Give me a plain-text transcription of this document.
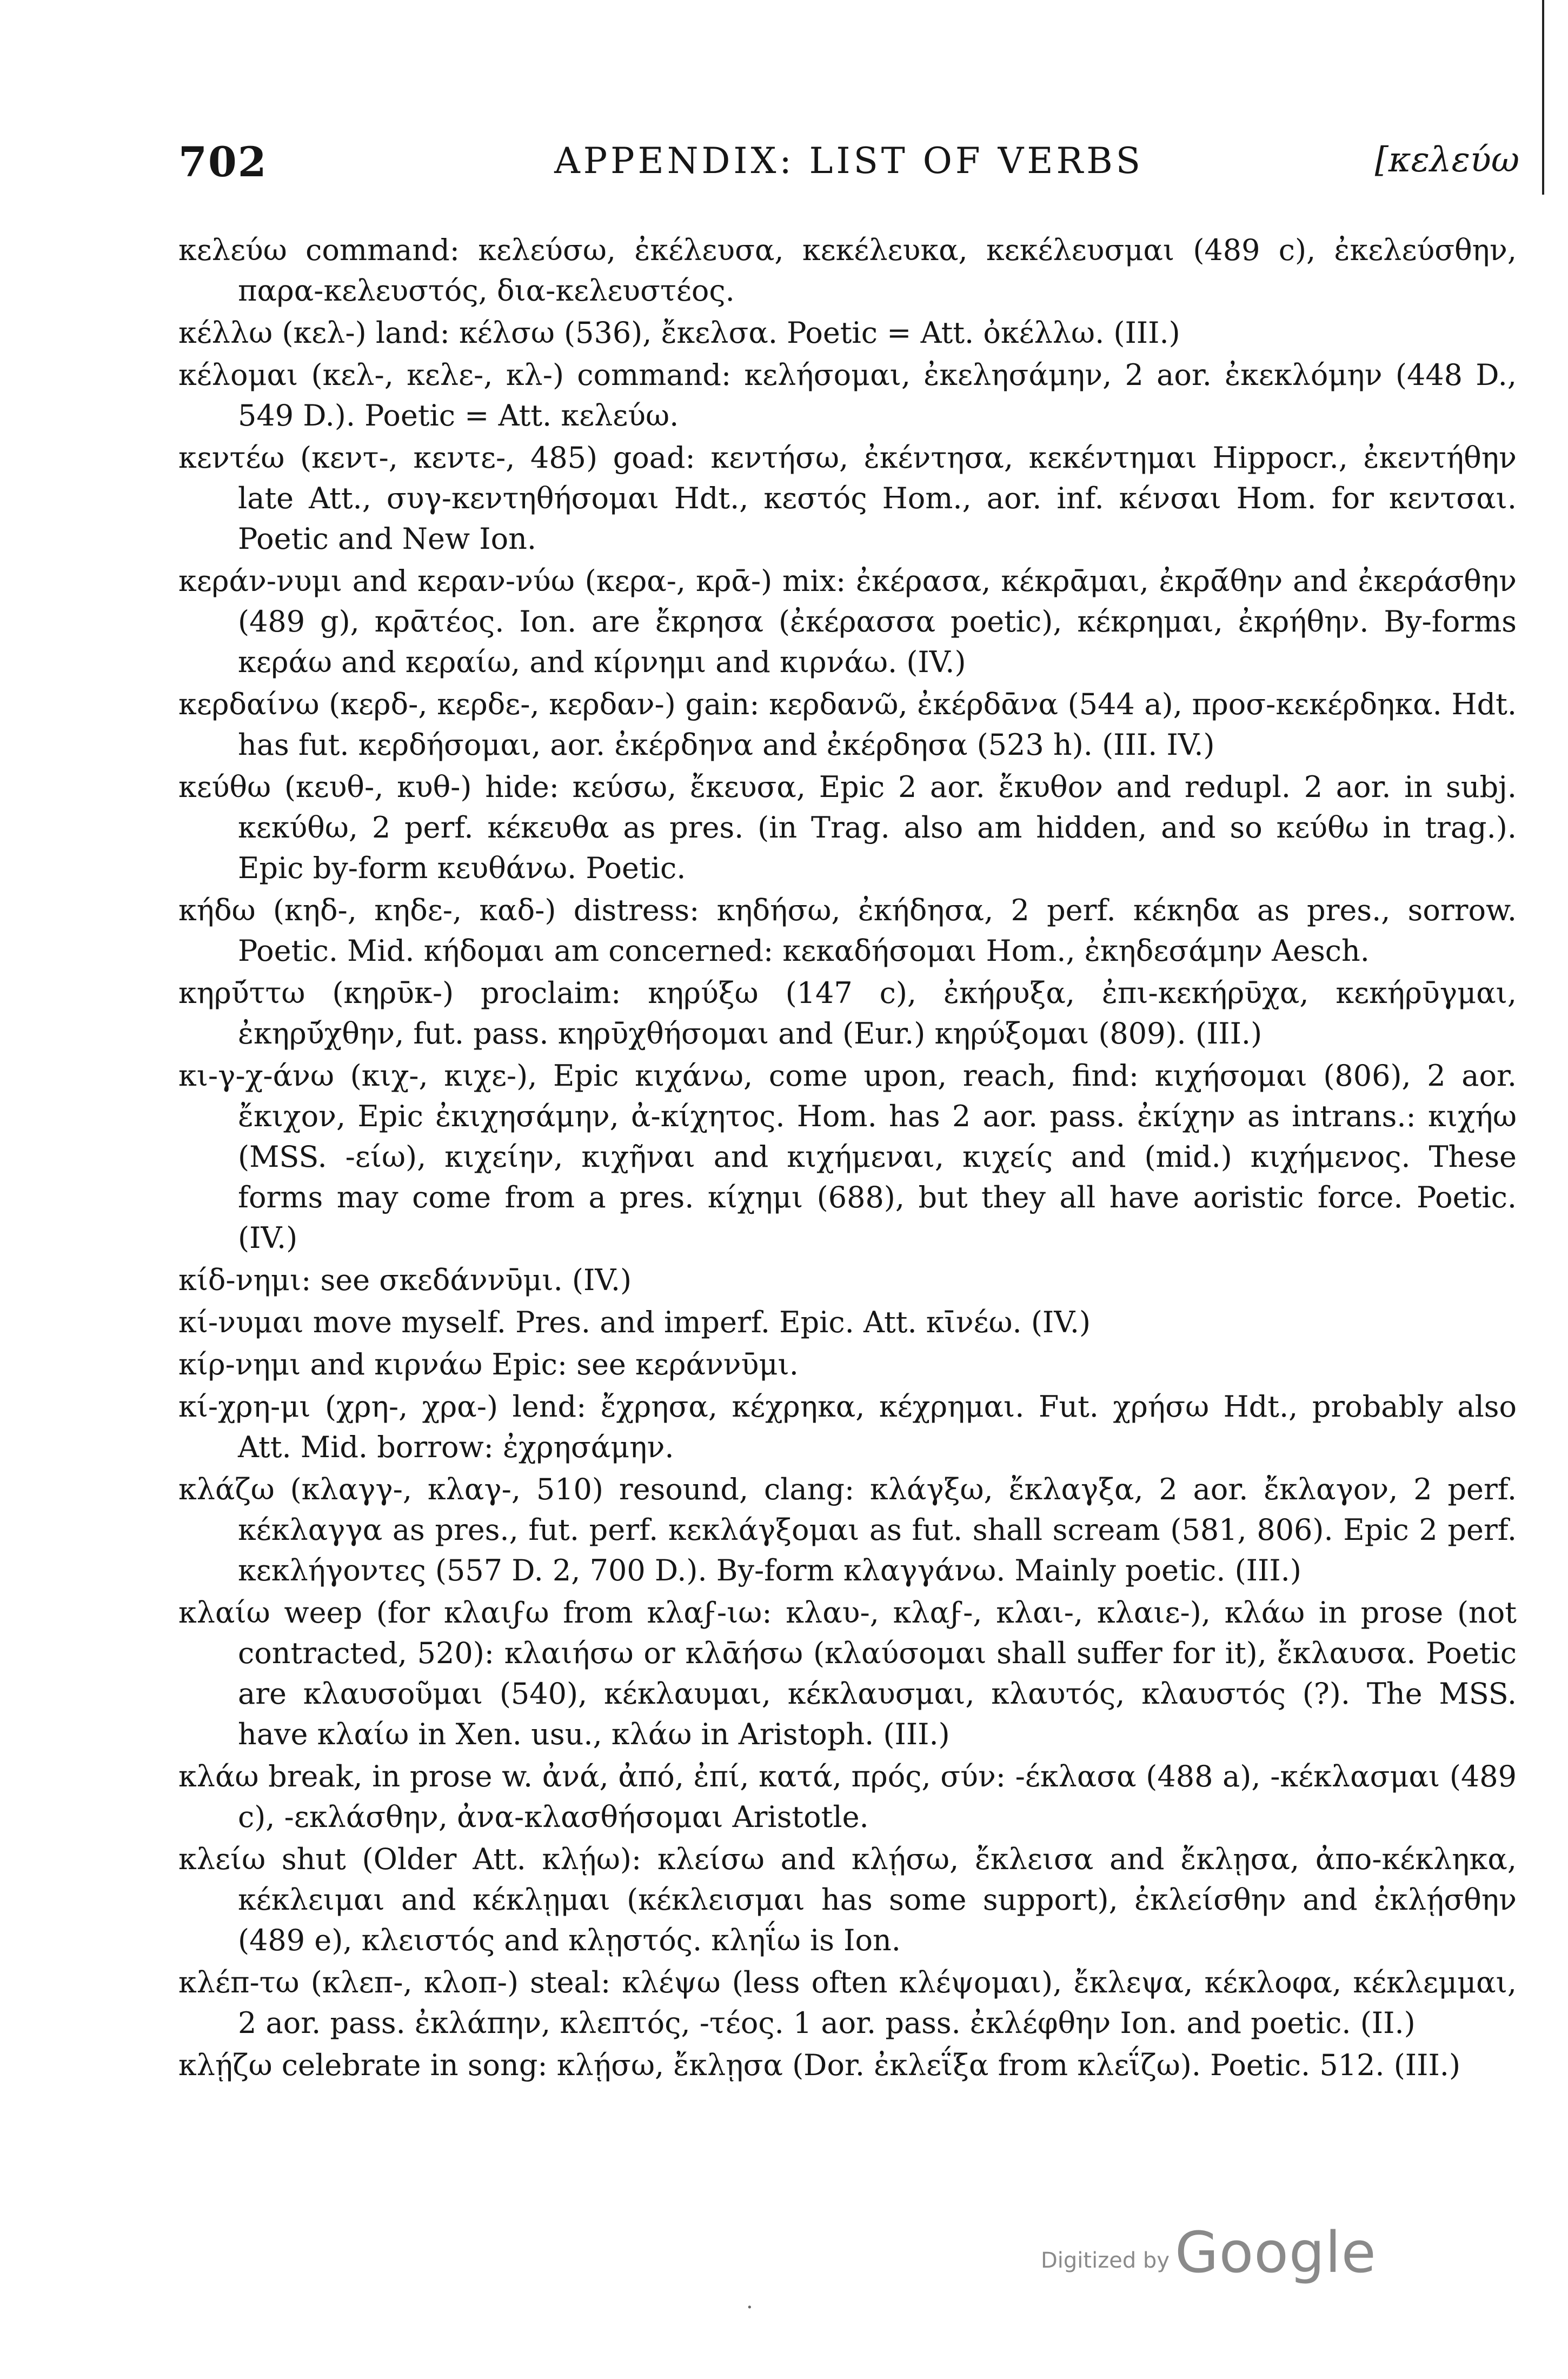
702	APPENDIX: LIST OF VERBS	[κελεύω

κελεύω command: κελεύσω, ἐκέλευσα, κεκέλευκα, κεκέλευσμαι (489 c), ἐκελεύσθην, παρα-κελευστός, δια-κελευστέος.

κέλλω (κελ-) land: κέλσω (536), ἔκελσα. Poetic = Att. ὀκέλλω. (III.)

κέλομαι (κελ-, κελε-, κλ-) command: κελήσομαι, ἐκελησάμην, 2 aor. ἐκεκλόμην (448 D., 549 D.). Poetic = Att. κελεύω.

κεντέω (κεντ-, κεντε-, 485) goad: κεντήσω, ἐκέντησα, κεκέντημαι Hippocr., ἐκεντήθην late Att., συγ-κεντηθήσομαι Hdt., κεστός Hom., aor. inf. κένσαι Hom. for κεντσαι. Poetic and New Ion.

κεράν-νυμι and κεραν-νύω (κερα-, κρᾱ-) mix: ἐκέρασα, κέκρᾱμαι, ἐκρᾱ́θην and ἐκεράσθην (489 g), κρᾱτέος. Ion. are ἔκρησα (ἐκέρασσα poetic), κέκρημαι, ἐκρήθην. By-forms κεράω and κεραίω, and κίρνημι and κιρνάω. (IV.)

κερδαίνω (κερδ-, κερδε-, κερδαν-) gain: κερδανῶ, ἐκέρδᾱνα (544 a), προσ-κεκέρδηκα. Hdt. has fut. κερδήσομαι, aor. ἐκέρδηνα and ἐκέρδησα (523 h). (III. IV.)

κεύθω (κευθ-, κυθ-) hide: κεύσω, ἔκευσα, Epic 2 aor. ἔκυθον and redupl. 2 aor. in subj. κεκύθω, 2 perf. κέκευθα as pres. (in Trag. also am hidden, and so κεύθω in trag.). Epic by-form κευθάνω. Poetic.

κήδω (κηδ-, κηδε-, καδ-) distress: κηδήσω, ἐκήδησα, 2 perf. κέκηδα as pres., sorrow. Poetic. Mid. κήδομαι am concerned: κεκαδήσομαι Hom., ἐκηδεσάμην Aesch.

κηρῡ́ττω (κηρῡκ-) proclaim: κηρύξω (147 c), ἐκήρυξα, ἐπι-κεκήρῡχα, κεκήρῡγμαι, ἐκηρῡ́χθην, fut. pass. κηρῡχθήσομαι and (Eur.) κηρύξομαι (809). (III.)

κι-γ-χ-άνω (κιχ-, κιχε-), Epic κιχάνω, come upon, reach, find: κιχήσομαι (806), 2 aor. ἔκιχον, Epic ἐκιχησάμην, ἀ-κίχητος. Hom. has 2 aor. pass. ἐκίχην as intrans.: κιχήω (MSS. -είω), κιχείην, κιχῆναι and κιχήμεναι, κιχείς and (mid.) κιχήμενος. These forms may come from a pres. κίχημι (688), but they all have aoristic force. Poetic. (IV.)

κίδ-νημι: see σκεδάννῡμι. (IV.)

κί-νυμαι move myself. Pres. and imperf. Epic. Att. κῑνέω. (IV.)

κίρ-νημι and κιρνάω Epic: see κεράννῡμι.

κί-χρη-μι (χρη-, χρα-) lend: ἔχρησα, κέχρηκα, κέχρημαι. Fut. χρήσω Hdt., probably also Att. Mid. borrow: ἐχρησάμην.

κλάζω (κλαγγ-, κλαγ-, 510) resound, clang: κλάγξω, ἔκλαγξα, 2 aor. ἔκλαγον, 2 perf. κέκλαγγα as pres., fut. perf. κεκλάγξομαι as fut. shall scream (581, 806). Epic 2 perf. κεκλήγοντες (557 D. 2, 700 D.). By-form κλαγγάνω. Mainly poetic. (III.)

κλαίω weep (for κλαιϝω from κλαϝ-ιω: κλαυ-, κλαϝ-, κλαι-, κλαιε-), κλάω in prose (not contracted, 520): κλαιήσω or κλᾱήσω (κλαύσομαι shall suffer for it), ἔκλαυσα. Poetic are κλαυσοῦμαι (540), κέκλαυμαι, κέκλαυσμαι, κλαυτός, κλαυστός (?). The MSS. have κλαίω in Xen. usu., κλάω in Aristoph. (III.)

κλάω break, in prose w. ἀνά, ἀπό, ἐπί, κατά, πρός, σύν: -έκλασα (488 a), -κέκλασμαι (489 c), -εκλάσθην, ἀνα-κλασθήσομαι Aristotle.

κλείω shut (Older Att. κλῄω): κλείσω and κλῄσω, ἔκλεισα and ἔκλῃσα, ἀπο-κέκληκα, κέκλειμαι and κέκλῃμαι (κέκλεισμαι has some support), ἐκλείσθην and ἐκλῄσθην (489 e), κλειστός and κλῃστός. κληΐω is Ion.

κλέπ-τω (κλεπ-, κλοπ-) steal: κλέψω (less often κλέψομαι), ἔκλεψα, κέκλοφα, κέκλεμμαι, 2 aor. pass. ἐκλάπην, κλεπτός, -τέος. 1 aor. pass. ἐκλέφθην Ion. and poetic. (II.)

κλῄζω celebrate in song: κλῄσω, ἔκλῃσα (Dor. ἐκλεΐξα from κλεΐζω). Poetic. 512. (III.)

Digitized byGoogle
·
